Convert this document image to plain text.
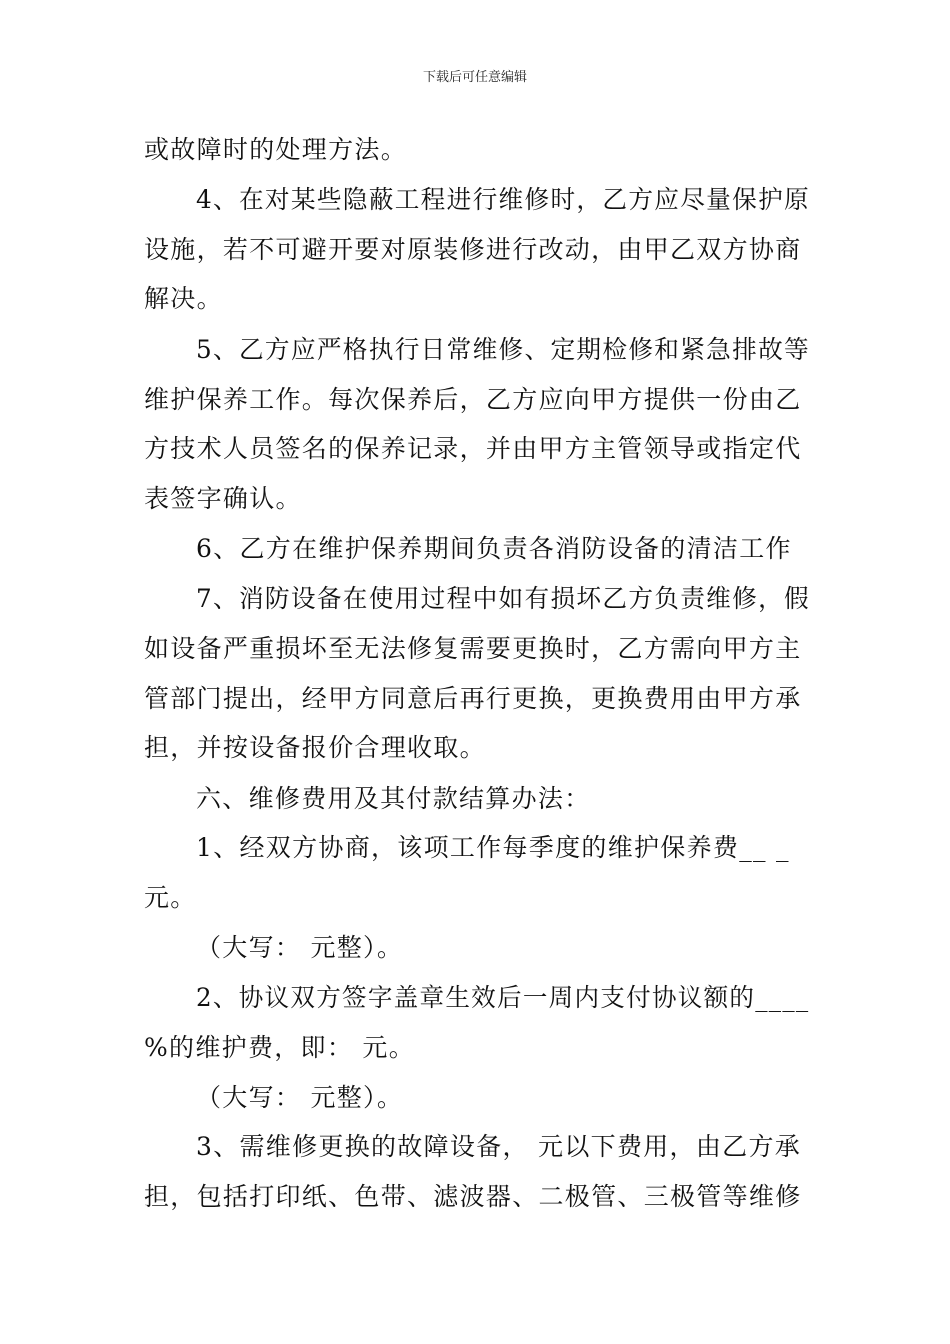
下载后可任意编辑
或故障时的处理方法。
4、在对某些隐蔽工程进行维修时，乙方应尽量保护原
设施，若不可避开要对原装修进行改动，由甲乙双方协商
解决。
5、乙方应严格执行日常维修、定期检修和紧急排故等
维护保养工作。每次保养后，乙方应向甲方提供一份由乙
方技术人员签名的保养记录，并由甲方主管领导或指定代
表签字确认。
6、乙方在维护保养期间负责各消防设备的清洁工作
7、消防设备在使用过程中如有损坏乙方负责维修，假
如设备严重损坏至无法修复需要更换时，乙方需向甲方主
管部门提出，经甲方同意后再行更换，更换费用由甲方承
担，并按设备报价合理收取。
六、维修费用及其付款结算办法：
1、经双方协商，该项工作每季度的维护保养费__ _
元。
（大写： 元整）。
2、协议双方签字盖章生效后一周内支付协议额的____
%的维护费，即： 元。
（大写： 元整）。
3、需维修更换的故障设备， 元以下费用，由乙方承
担，包括打印纸、色带、滤波器、二极管、三极管等维修
